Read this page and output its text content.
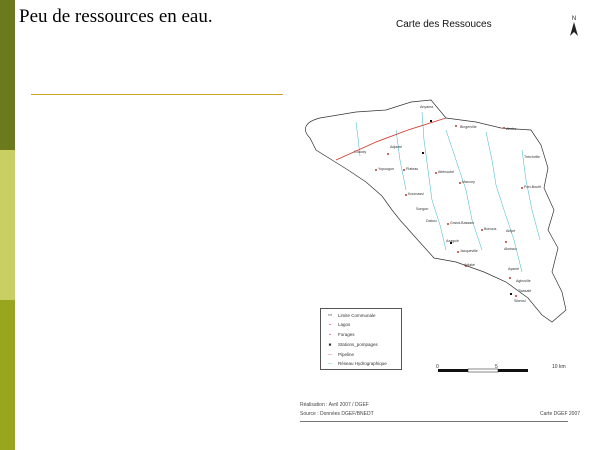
Peu de ressources en eau.	Carte des Ressouces	N
Anyama
Bingerville	Abobo
Cocody
Adjamé
Yopougon	Plateau
Attécoubé
Treichville
Marcory
Koumassi
Port-Bouët
Songon
Dabou	Grand-Bassam
Bonoua	Alépé
Azaguié
Jacqueville	Aboisso
Adiaké
Ayamé
Agboville
Tiassalé
Sikensi
▭	Limite Communale
•	Lagos
•	Forages
■	Stations_pompages
—	Pipeline
—	Réseau Hydrographique
0	5	10 km
Réalisation : Avril 2007 / DGEF
Source : Données DGEF/BNEDT	Carte DGEF 2007
